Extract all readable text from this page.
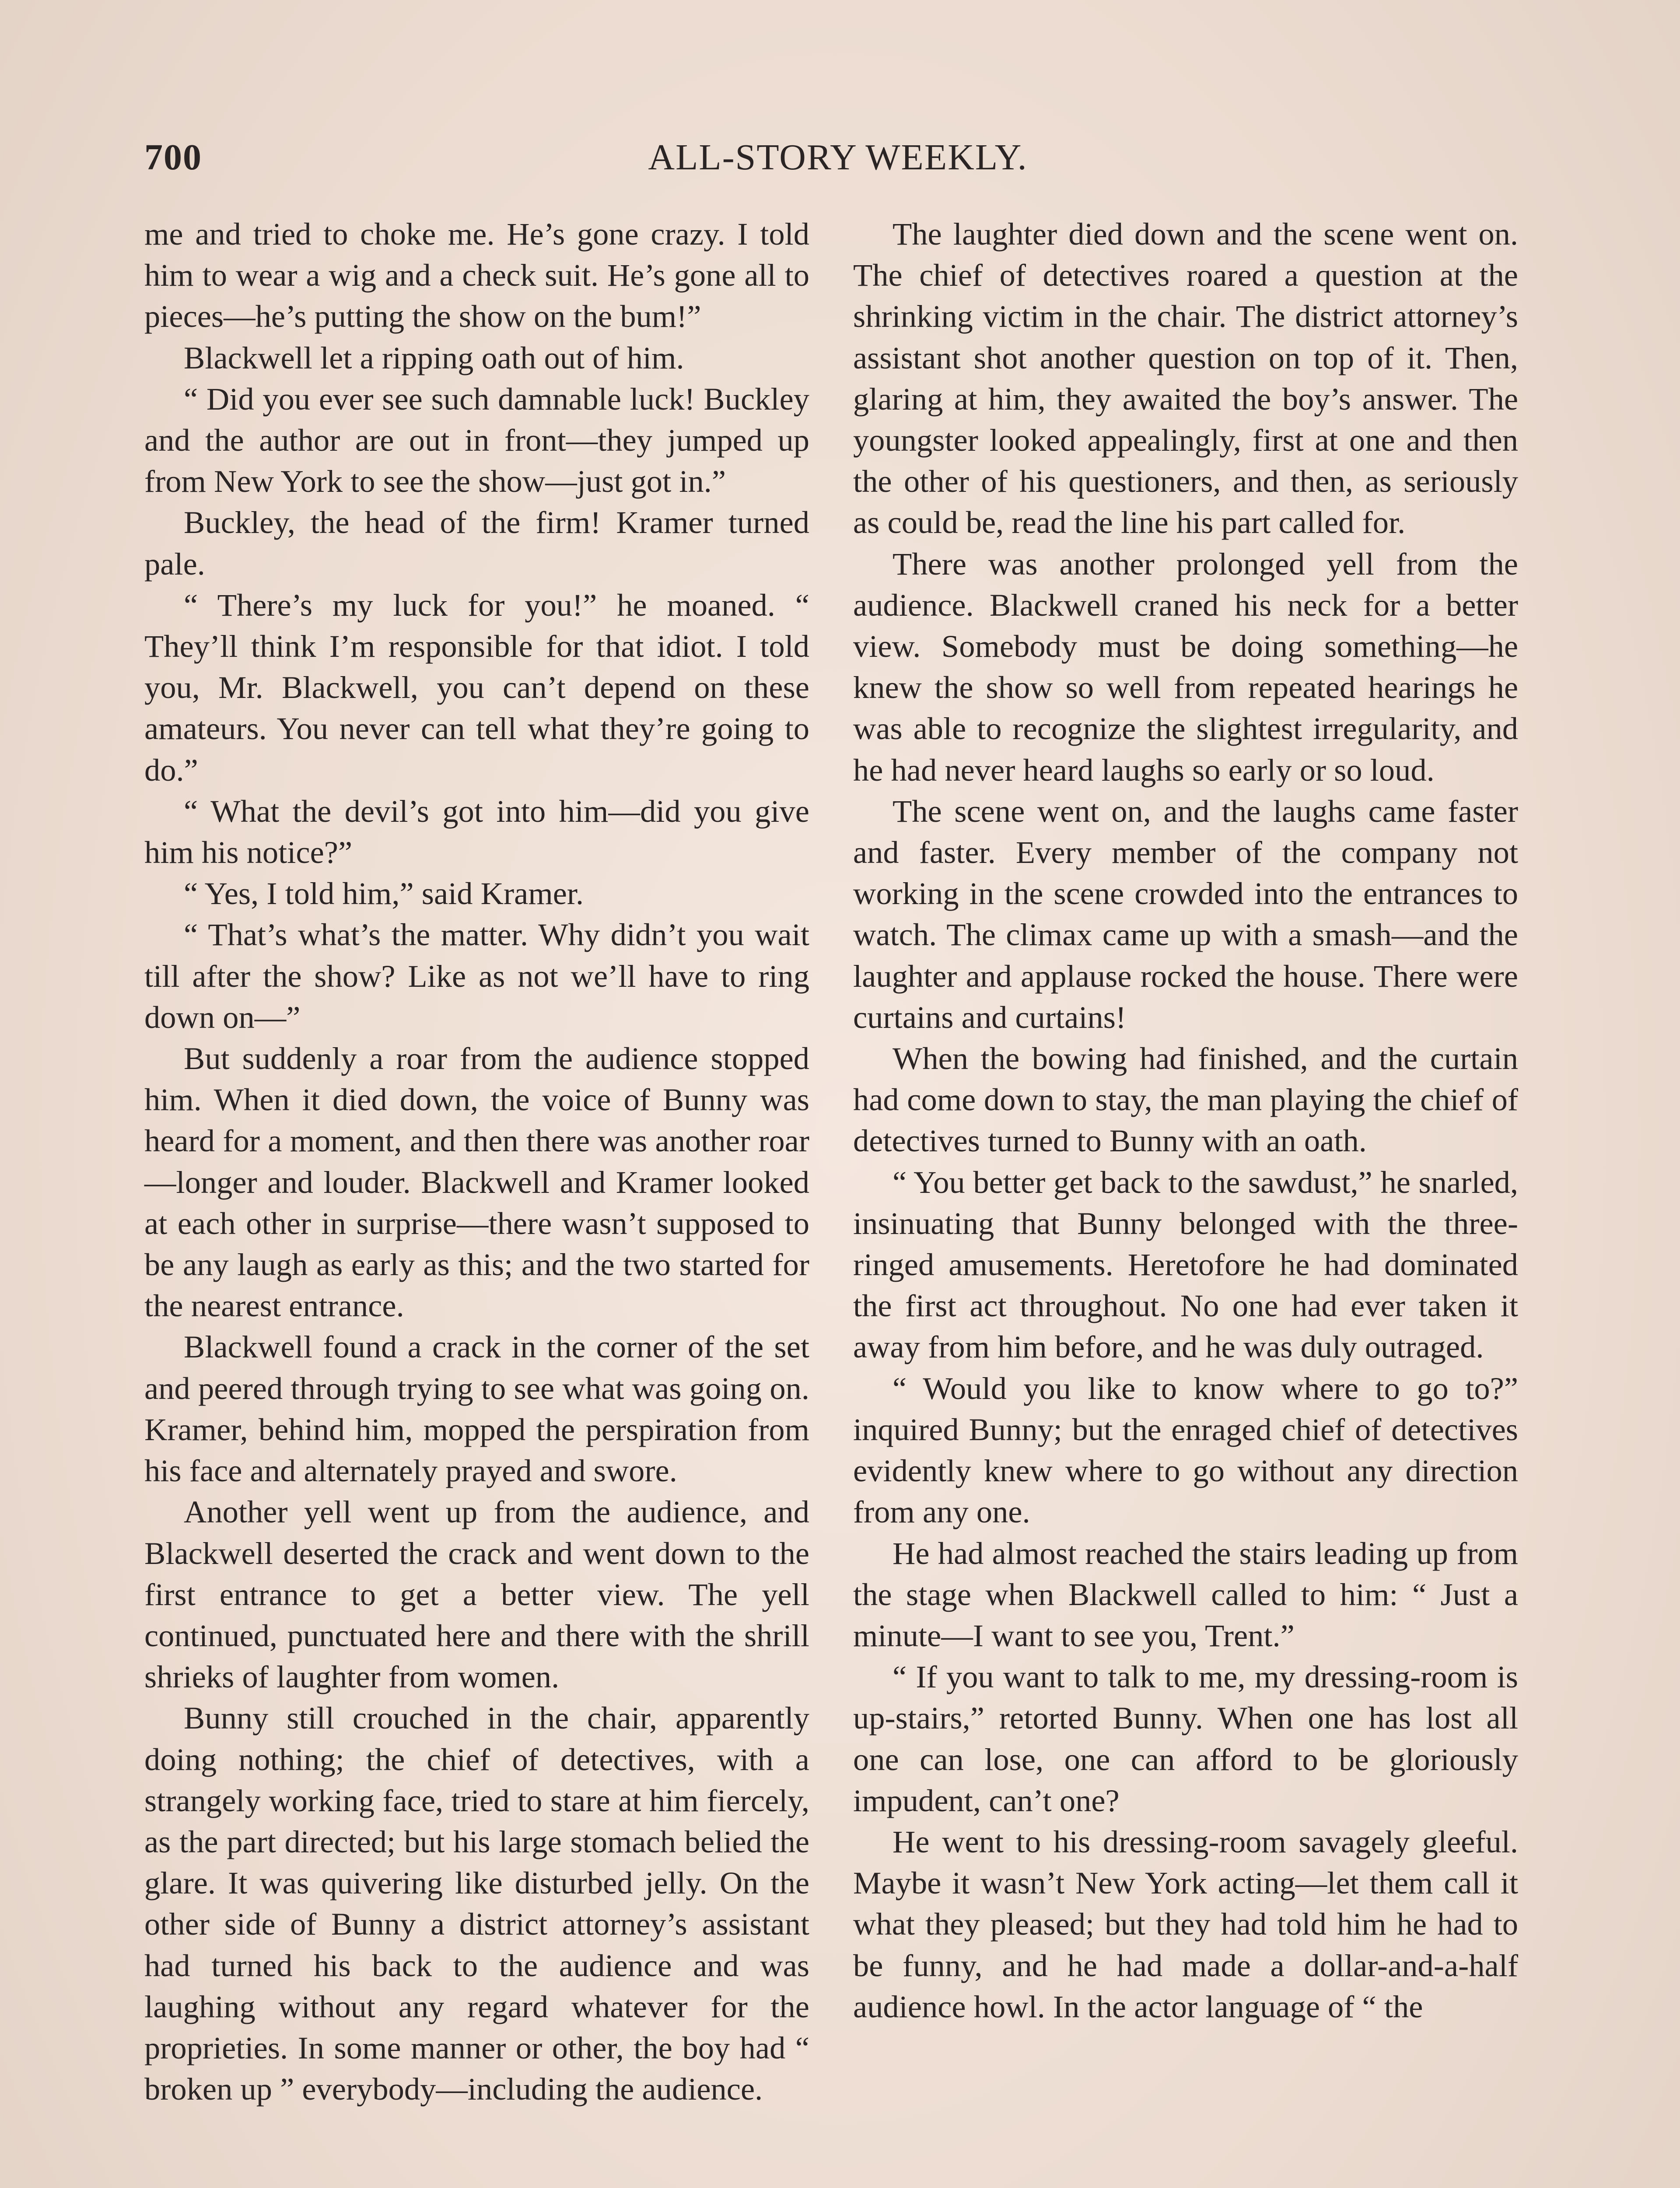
700	ALL-STORY WEEKLY.

me and tried to choke me. He’s gone crazy. I told him to wear a wig and a check suit. He’s gone all to pieces—he’s putting the show on the bum!”

Blackwell let a ripping oath out of him.

“ Did you ever see such damnable luck! Buckley and the author are out in front—they jumped up from New York to see the show—just got in.”

Buckley, the head of the firm! Kramer turned pale.

“ There’s my luck for you!” he moaned. “ They’ll think I’m responsible for that idiot. I told you, Mr. Blackwell, you can’t depend on these amateurs. You never can tell what they’re going to do.”

“ What the devil’s got into him—did you give him his notice?”

“ Yes, I told him,” said Kramer.

“ That’s what’s the matter. Why didn’t you wait till after the show? Like as not we’ll have to ring down on—”

But suddenly a roar from the audience stopped him. When it died down, the voice of Bunny was heard for a moment, and then there was another roar—longer and louder. Blackwell and Kramer looked at each other in surprise—there wasn’t supposed to be any laugh as early as this; and the two started for the nearest entrance.

Blackwell found a crack in the corner of the set and peered through trying to see what was going on. Kramer, behind him, mopped the perspiration from his face and alternately prayed and swore.

Another yell went up from the audience, and Blackwell deserted the crack and went down to the first entrance to get a better view. The yell continued, punctuated here and there with the shrill shrieks of laughter from women.

Bunny still crouched in the chair, apparently doing nothing; the chief of detectives, with a strangely working face, tried to stare at him fiercely, as the part directed; but his large stomach belied the glare. It was quivering like disturbed jelly. On the other side of Bunny a district attorney’s assistant had turned his back to the audience and was laughing without any regard whatever for the proprieties. In some manner or other, the boy had “ broken up ” everybody—including the audience.

The laughter died down and the scene went on. The chief of detectives roared a question at the shrinking victim in the chair. The district attorney’s assistant shot another question on top of it. Then, glaring at him, they awaited the boy’s answer. The youngster looked appealingly, first at one and then the other of his questioners, and then, as seriously as could be, read the line his part called for.

There was another prolonged yell from the audience. Blackwell craned his neck for a better view. Somebody must be doing something—he knew the show so well from repeated hearings he was able to recognize the slightest irregularity, and he had never heard laughs so early or so loud.

The scene went on, and the laughs came faster and faster. Every member of the company not working in the scene crowded into the entrances to watch. The climax came up with a smash—and the laughter and applause rocked the house. There were curtains and curtains!

When the bowing had finished, and the curtain had come down to stay, the man playing the chief of detectives turned to Bunny with an oath.

“ You better get back to the sawdust,” he snarled, insinuating that Bunny belonged with the three-ringed amusements. Heretofore he had dominated the first act throughout. No one had ever taken it away from him before, and he was duly outraged.

“ Would you like to know where to go to?” inquired Bunny; but the enraged chief of detectives evidently knew where to go without any direction from any one.

He had almost reached the stairs leading up from the stage when Blackwell called to him: “ Just a minute—I want to see you, Trent.”

“ If you want to talk to me, my dressing-room is up-stairs,” retorted Bunny. When one has lost all one can lose, one can afford to be gloriously impudent, can’t one?

He went to his dressing-room savagely gleeful. Maybe it wasn’t New York acting—let them call it what they pleased; but they had told him he had to be funny, and he had made a dollar-and-a-half audience howl. In the actor language of “ the
